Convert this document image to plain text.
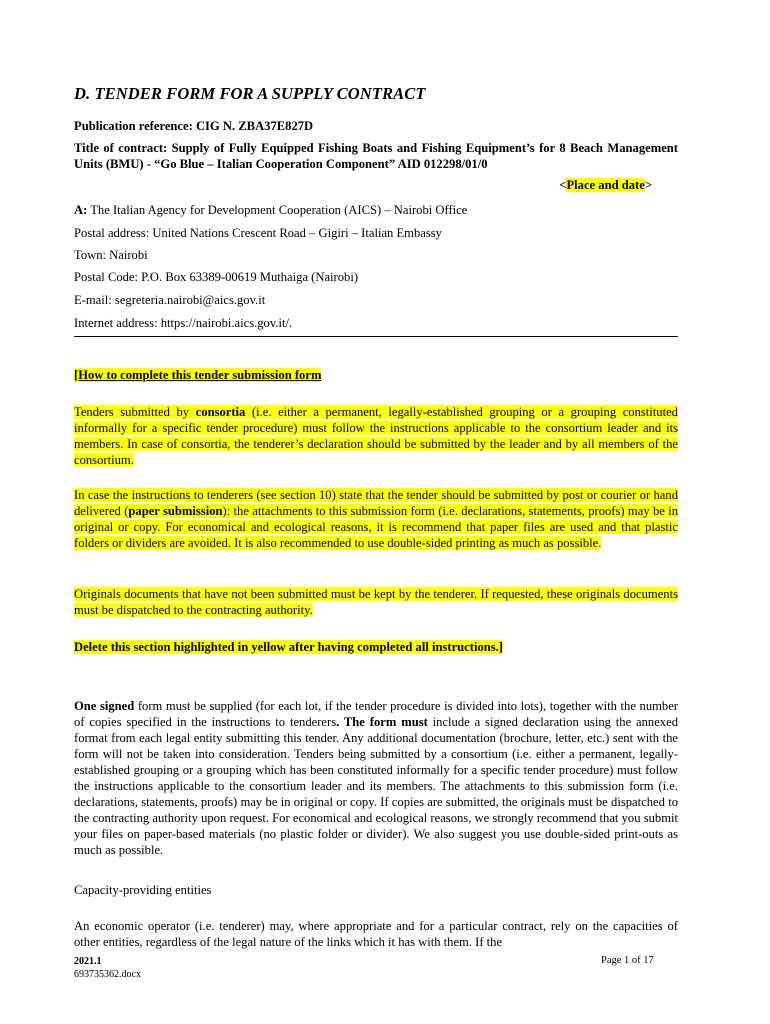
D. TENDER FORM FOR A SUPPLY CONTRACT
Publication reference: CIG N. ZBA37E827D
Title of contract: Supply of Fully Equipped Fishing Boats and Fishing Equipment’s for 8 Beach Management Units (BMU) - “Go Blue – Italian Cooperation Component” AID 012298/01/0
<Place and date>
A: The Italian Agency for Development Cooperation (AICS) – Nairobi Office
Postal address: United Nations Crescent Road – Gigiri – Italian Embassy
Town: Nairobi
Postal Code: P.O. Box 63389-00619 Muthaiga (Nairobi)
E-mail: segreteria.nairobi@aics.gov.it
Internet address: https://nairobi.aics.gov.it/.
[How to complete this tender submission form
Tenders submitted by consortia (i.e. either a permanent, legally-established grouping or a grouping constituted informally for a specific tender procedure) must follow the instructions applicable to the consortium leader and its members. In case of consortia, the tenderer’s declaration should be submitted by the leader and by all members of the consortium.
In case the instructions to tenderers (see section 10) state that the tender should be submitted by post or courier or hand delivered (paper submission): the attachments to this submission form (i.e. declarations, statements, proofs) may be in original or copy. For economical and ecological reasons, it is recommend that paper files are used and that plastic folders or dividers are avoided. It is also recommended to use double-sided printing as much as possible.
Originals documents that have not been submitted must be kept by the tenderer. If requested, these originals documents must be dispatched to the contracting authority.
Delete this section highlighted in yellow after having completed all instructions.]
One signed form must be supplied (for each lot, if the tender procedure is divided into lots), together with the number of copies specified in the instructions to tenderers. The form must include a signed declaration using the annexed format from each legal entity submitting this tender. Any additional documentation (brochure, letter, etc.) sent with the form will not be taken into consideration. Tenders being submitted by a consortium (i.e. either a permanent, legally-established grouping or a grouping which has been constituted informally for a specific tender procedure) must follow the instructions applicable to the consortium leader and its members. The attachments to this submission form (i.e. declarations, statements, proofs) may be in original or copy. If copies are submitted, the originals must be dispatched to the contracting authority upon request. For economical and ecological reasons, we strongly recommend that you submit your files on paper-based materials (no plastic folder or divider). We also suggest you use double-sided print-outs as much as possible.
Capacity-providing entities
An economic operator (i.e. tenderer) may, where appropriate and for a particular contract, rely on the capacities of other entities, regardless of the legal nature of the links which it has with them. If the
2021.1
693735362.docx
Page 1 of 17
